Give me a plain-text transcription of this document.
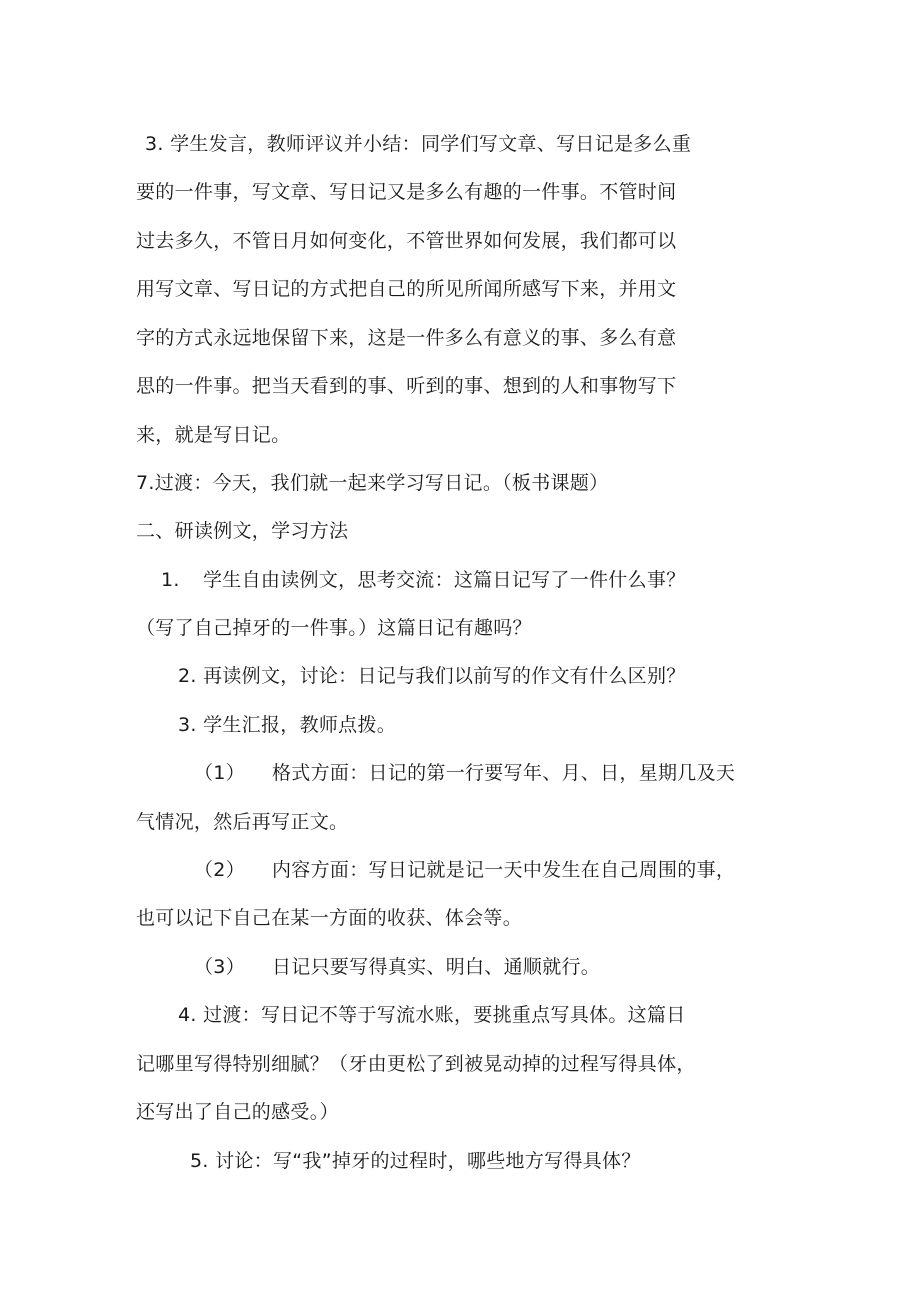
3. 学生发言，教师评议并小结：同学们写文章、写日记是多么重
要的一件事，写文章、写日记又是多么有趣的一件事。不管时间
过去多久，不管日月如何变化，不管世界如何发展，我们都可以
用写文章、写日记的方式把自己的所见所闻所感写下来，并用文
字的方式永远地保留下来，这是一件多么有意义的事、多么有意
思的一件事。把当天看到的事、听到的事、想到的人和事物写下
来，就是写日记。
7.过渡：今天，我们就一起来学习写日记。（板书课题）
二、研读例文，学习方法
1. 学生自由读例文，思考交流：这篇日记写了一件什么事？
（写了自己掉牙的一件事。）这篇日记有趣吗？
2. 再读例文，讨论：日记与我们以前写的作文有什么区别？
3. 学生汇报，教师点拨。
（1） 格式方面：日记的第一行要写年、月、日，星期几及天
气情况，然后再写正文。
（2） 内容方面：写日记就是记一天中发生在自己周围的事，
也可以记下自己在某一方面的收获、体会等。
（3） 日记只要写得真实、明白、通顺就行。
4. 过渡：写日记不等于写流水账，要挑重点写具体。这篇日
记哪里写得特别细腻？（牙由更松了到被晃动掉的过程写得具体，
还写出了自己的感受。）
5. 讨论：写“我”掉牙的过程时，哪些地方写得具体？
